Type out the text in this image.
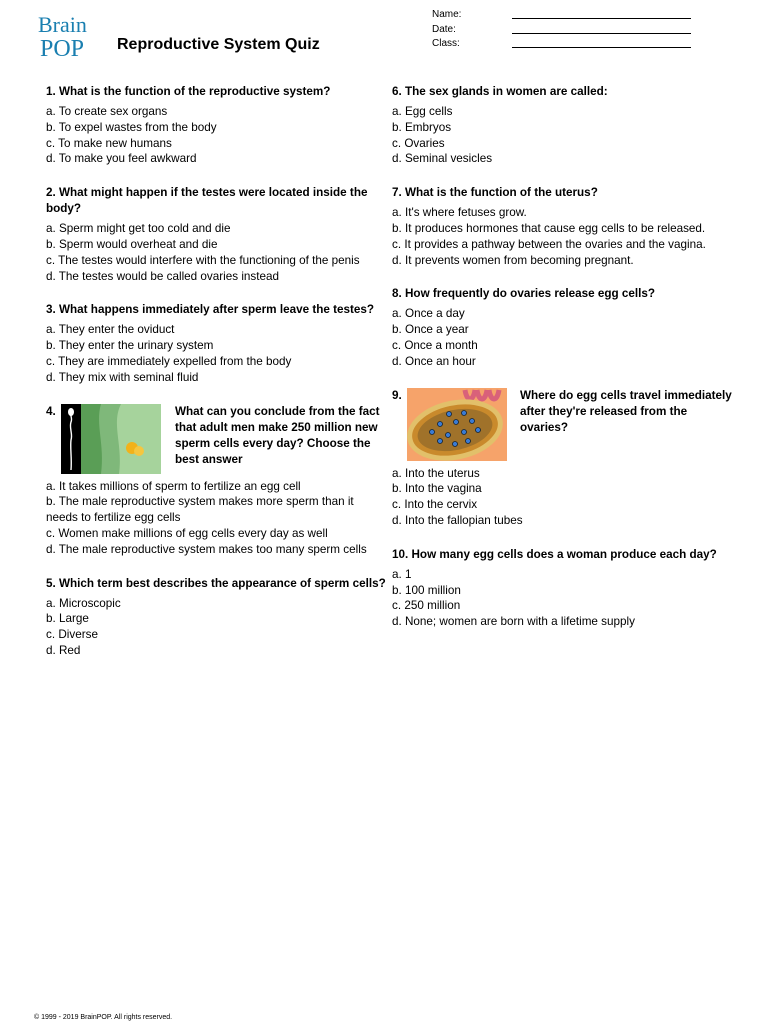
Brain
POP Reproductive System Quiz
Name:
Date:
Class:
1. What is the function of the reproductive system?
a. To create sex organs
b. To expel wastes from the body
c. To make new humans
d. To make you feel awkward
2. What might happen if the testes were located inside the body?
a. Sperm might get too cold and die
b. Sperm would overheat and die
c. The testes would interfere with the functioning of the penis
d. The testes would be called ovaries instead
3. What happens immediately after sperm leave the testes?
a. They enter the oviduct
b. They enter the urinary system
c. They are immediately expelled from the body
d. They mix with seminal fluid
4.	What can you conclude from the fact that adult men make 250 million new sperm cells every day? Choose the best answer
a. It takes millions of sperm to fertilize an egg cell
b. The male reproductive system makes more sperm than it needs to fertilize egg cells
c. Women make millions of egg cells every day as well
d. The male reproductive system makes too many sperm cells
5. Which term best describes the appearance of sperm cells?
a. Microscopic
b. Large
c. Diverse
d. Red
6. The sex glands in women are called:
a. Egg cells
b. Embryos
c. Ovaries
d. Seminal vesicles
7. What is the function of the uterus?
a. It's where fetuses grow.
b. It produces hormones that cause egg cells to be released.
c. It provides a pathway between the ovaries and the vagina.
d. It prevents women from becoming pregnant.
8. How frequently do ovaries release egg cells?
a. Once a day
b. Once a year
c. Once a month
d. Once an hour
9.	Where do egg cells travel immediately after they're released from the ovaries?
a. Into the uterus
b. Into the vagina
c. Into the cervix
d. Into the fallopian tubes
10. How many egg cells does a woman produce each day?
a. 1
b. 100 million
c. 250 million
d. None; women are born with a lifetime supply
© 1999 - 2019 BrainPOP. All rights reserved.
